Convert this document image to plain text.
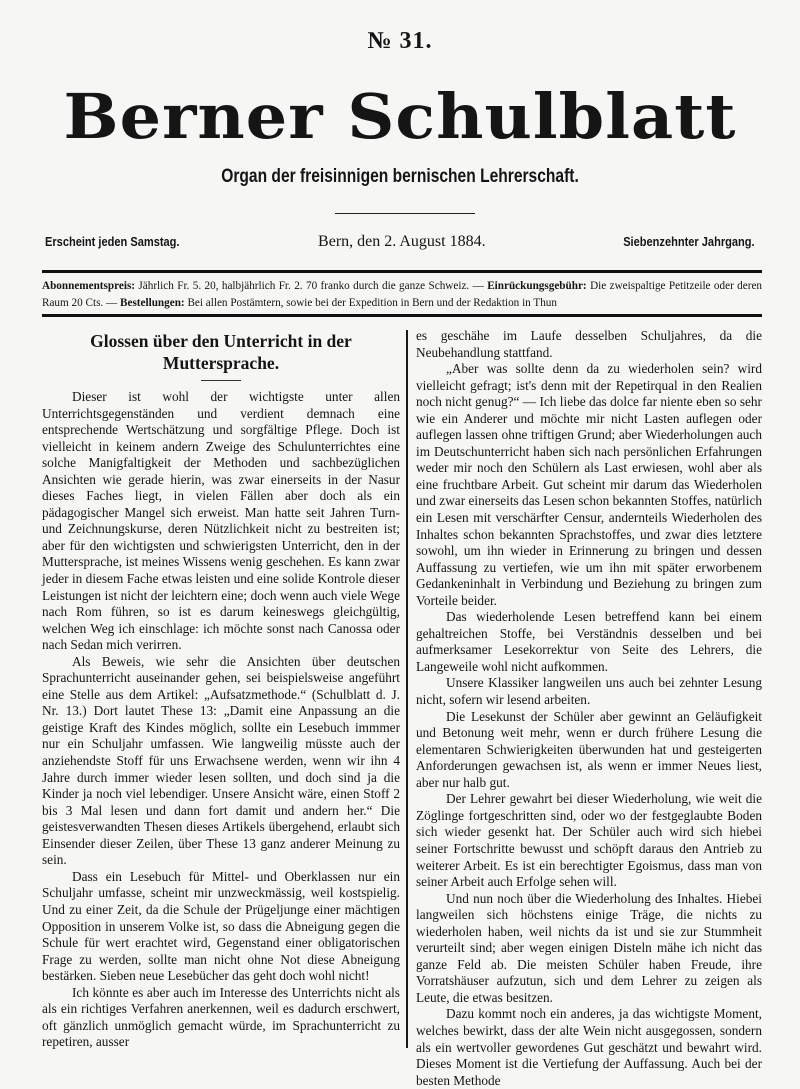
№ 31.
Berner Schulblatt
Organ der freisinnigen bernischen Lehrerschaft.
Erscheint jeden Samstag.	Bern, den 2. August 1884.	Siebenzehnter Jahrgang.
Abonnementspreis: Jährlich Fr. 5. 20, halbjährlich Fr. 2. 70 franko durch die ganze Schweiz. — Einrückungsgebühr: Die zweispaltige Petitzeile oder deren Raum 20 Cts. — Bestellungen: Bei allen Postämtern, sowie bei der Expedition in Bern und der Redaktion in Thun
Glossen über den Unterricht in der Muttersprache.

Dieser ist wohl der wichtigste unter allen Unterrichtsgegenständen und verdient demnach eine entsprechende Wertschätzung und sorgfältige Pflege. Doch ist vielleicht in keinem andern Zweige des Schulunterrichtes eine solche Manigfaltigkeit der Methoden und sachbezüglichen Ansichten wie gerade hierin, was zwar einerseits in der Nasur dieses Faches liegt, in vielen Fällen aber doch als ein pädagogischer Mangel sich erweist. Man hatte seit Jahren Turn- und Zeichnungskurse, deren Nützlichkeit nicht zu bestreiten ist; aber für den wichtigsten und schwierigsten Unterricht, den in der Muttersprache, ist meines Wissens wenig geschehen. Es kann zwar jeder in diesem Fache etwas leisten und eine solide Kontrole dieser Leistungen ist nicht der leichtern eine; doch wenn auch viele Wege nach Rom führen, so ist es darum keineswegs gleichgültig, welchen Weg ich einschlage: ich möchte sonst nach Canossa oder nach Sedan mich verirren.

Als Beweis, wie sehr die Ansichten über deutschen Sprachunterricht auseinander gehen, sei beispielsweise angeführt eine Stelle aus dem Artikel: „Aufsatzmethode.“ (Schulblatt d. J. Nr. 13.) Dort lautet These 13: „Damit eine Anpassung an die geistige Kraft des Kindes möglich, sollte ein Lesebuch immmer nur ein Schuljahr umfassen. Wie langweilig müsste auch der anziehendste Stoff für uns Erwachsene werden, wenn wir ihn 4 Jahre durch immer wieder lesen sollten, und doch sind ja die Kinder ja noch viel lebendiger. Unsere Ansicht wäre, einen Stoff 2 bis 3 Mal lesen und dann fort damit und andern her.“ Die geistesverwandten Thesen dieses Artikels übergehend, erlaubt sich Einsender dieser Zeilen, über These 13 ganz anderer Meinung zu sein.

Dass ein Lesebuch für Mittel- und Oberklassen nur ein Schuljahr umfasse, scheint mir unzweckmässig, weil kostspielig. Und zu einer Zeit, da die Schule der Prügeljunge einer mächtigen Opposition in unserem Volke ist, so dass die Abneigung gegen die Schule für wert erachtet wird, Gegenstand einer obligatorischen Frage zu werden, sollte man nicht ohne Not diese Abneigung bestärken. Sieben neue Lesebücher das geht doch wohl nicht!

Ich könnte es aber auch im Interesse des Unterrichts nicht als als ein richtiges Verfahren anerkennen, weil es dadurch erschwert, oft gänzlich unmöglich gemacht würde, im Sprachunterricht zu repetiren, ausser

es geschähe im Laufe desselben Schuljahres, da die Neubehandlung stattfand.

„Aber was sollte denn da zu wiederholen sein? wird vielleicht gefragt; ist's denn mit der Repetirqual in den Realien noch nicht genug?“ — Ich liebe das dolce far niente eben so sehr wie ein Anderer und möchte mir nicht Lasten auflegen oder auflegen lassen ohne triftigen Grund; aber Wiederholungen auch im Deutschunterricht haben sich nach persönlichen Erfahrungen weder mir noch den Schülern als Last erwiesen, wohl aber als eine fruchtbare Arbeit. Gut scheint mir darum das Wiederholen und zwar einerseits das Lesen schon bekannten Stoffes, natürlich ein Lesen mit verschärfter Censur, andernteils Wiederholen des Inhaltes schon bekannten Sprachstoffes, und zwar dies letztere sowohl, um ihn wieder in Erinnerung zu bringen und dessen Auffassung zu vertiefen, wie um ihn mit später erworbenem Gedankeninhalt in Verbindung und Beziehung zu bringen zum Vorteile beider.

Das wiederholende Lesen betreffend kann bei einem gehaltreichen Stoffe, bei Verständnis desselben und bei aufmerksamer Lesekorrektur von Seite des Lehrers, die Langeweile wohl nicht aufkommen.

Unsere Klassiker langweilen uns auch bei zehnter Lesung nicht, sofern wir lesend arbeiten.

Die Lesekunst der Schüler aber gewinnt an Geläufigkeit und Betonung weit mehr, wenn er durch frühere Lesung die elementaren Schwierigkeiten überwunden hat und gesteigerten Anforderungen gewachsen ist, als wenn er immer Neues liest, aber nur halb gut.

Der Lehrer gewahrt bei dieser Wiederholung, wie weit die Zöglinge fortgeschritten sind, oder wo der festgeglaubte Boden sich wieder gesenkt hat. Der Schüler auch wird sich hiebei seiner Fortschritte bewusst und schöpft daraus den Antrieb zu weiterer Arbeit. Es ist ein berechtigter Egoismus, dass man von seiner Arbeit auch Erfolge sehen will.

Und nun noch über die Wiederholung des Inhaltes. Hiebei langweilen sich höchstens einige Träge, die nichts zu wiederholen haben, weil nichts da ist und sie zur Stummheit verurteilt sind; aber wegen einigen Disteln mähe ich nicht das ganze Feld ab. Die meisten Schüler haben Freude, ihre Vorratshäuser aufzutun, sich und dem Lehrer zu zeigen als Leute, die etwas besitzen.

Dazu kommt noch ein anderes, ja das wichtigste Moment, welches bewirkt, dass der alte Wein nicht ausgegossen, sondern als ein wertvoller gewordenes Gut geschätzt und bewahrt wird. Dieses Moment ist die Vertiefung der Auffassung. Auch bei der besten Methode
